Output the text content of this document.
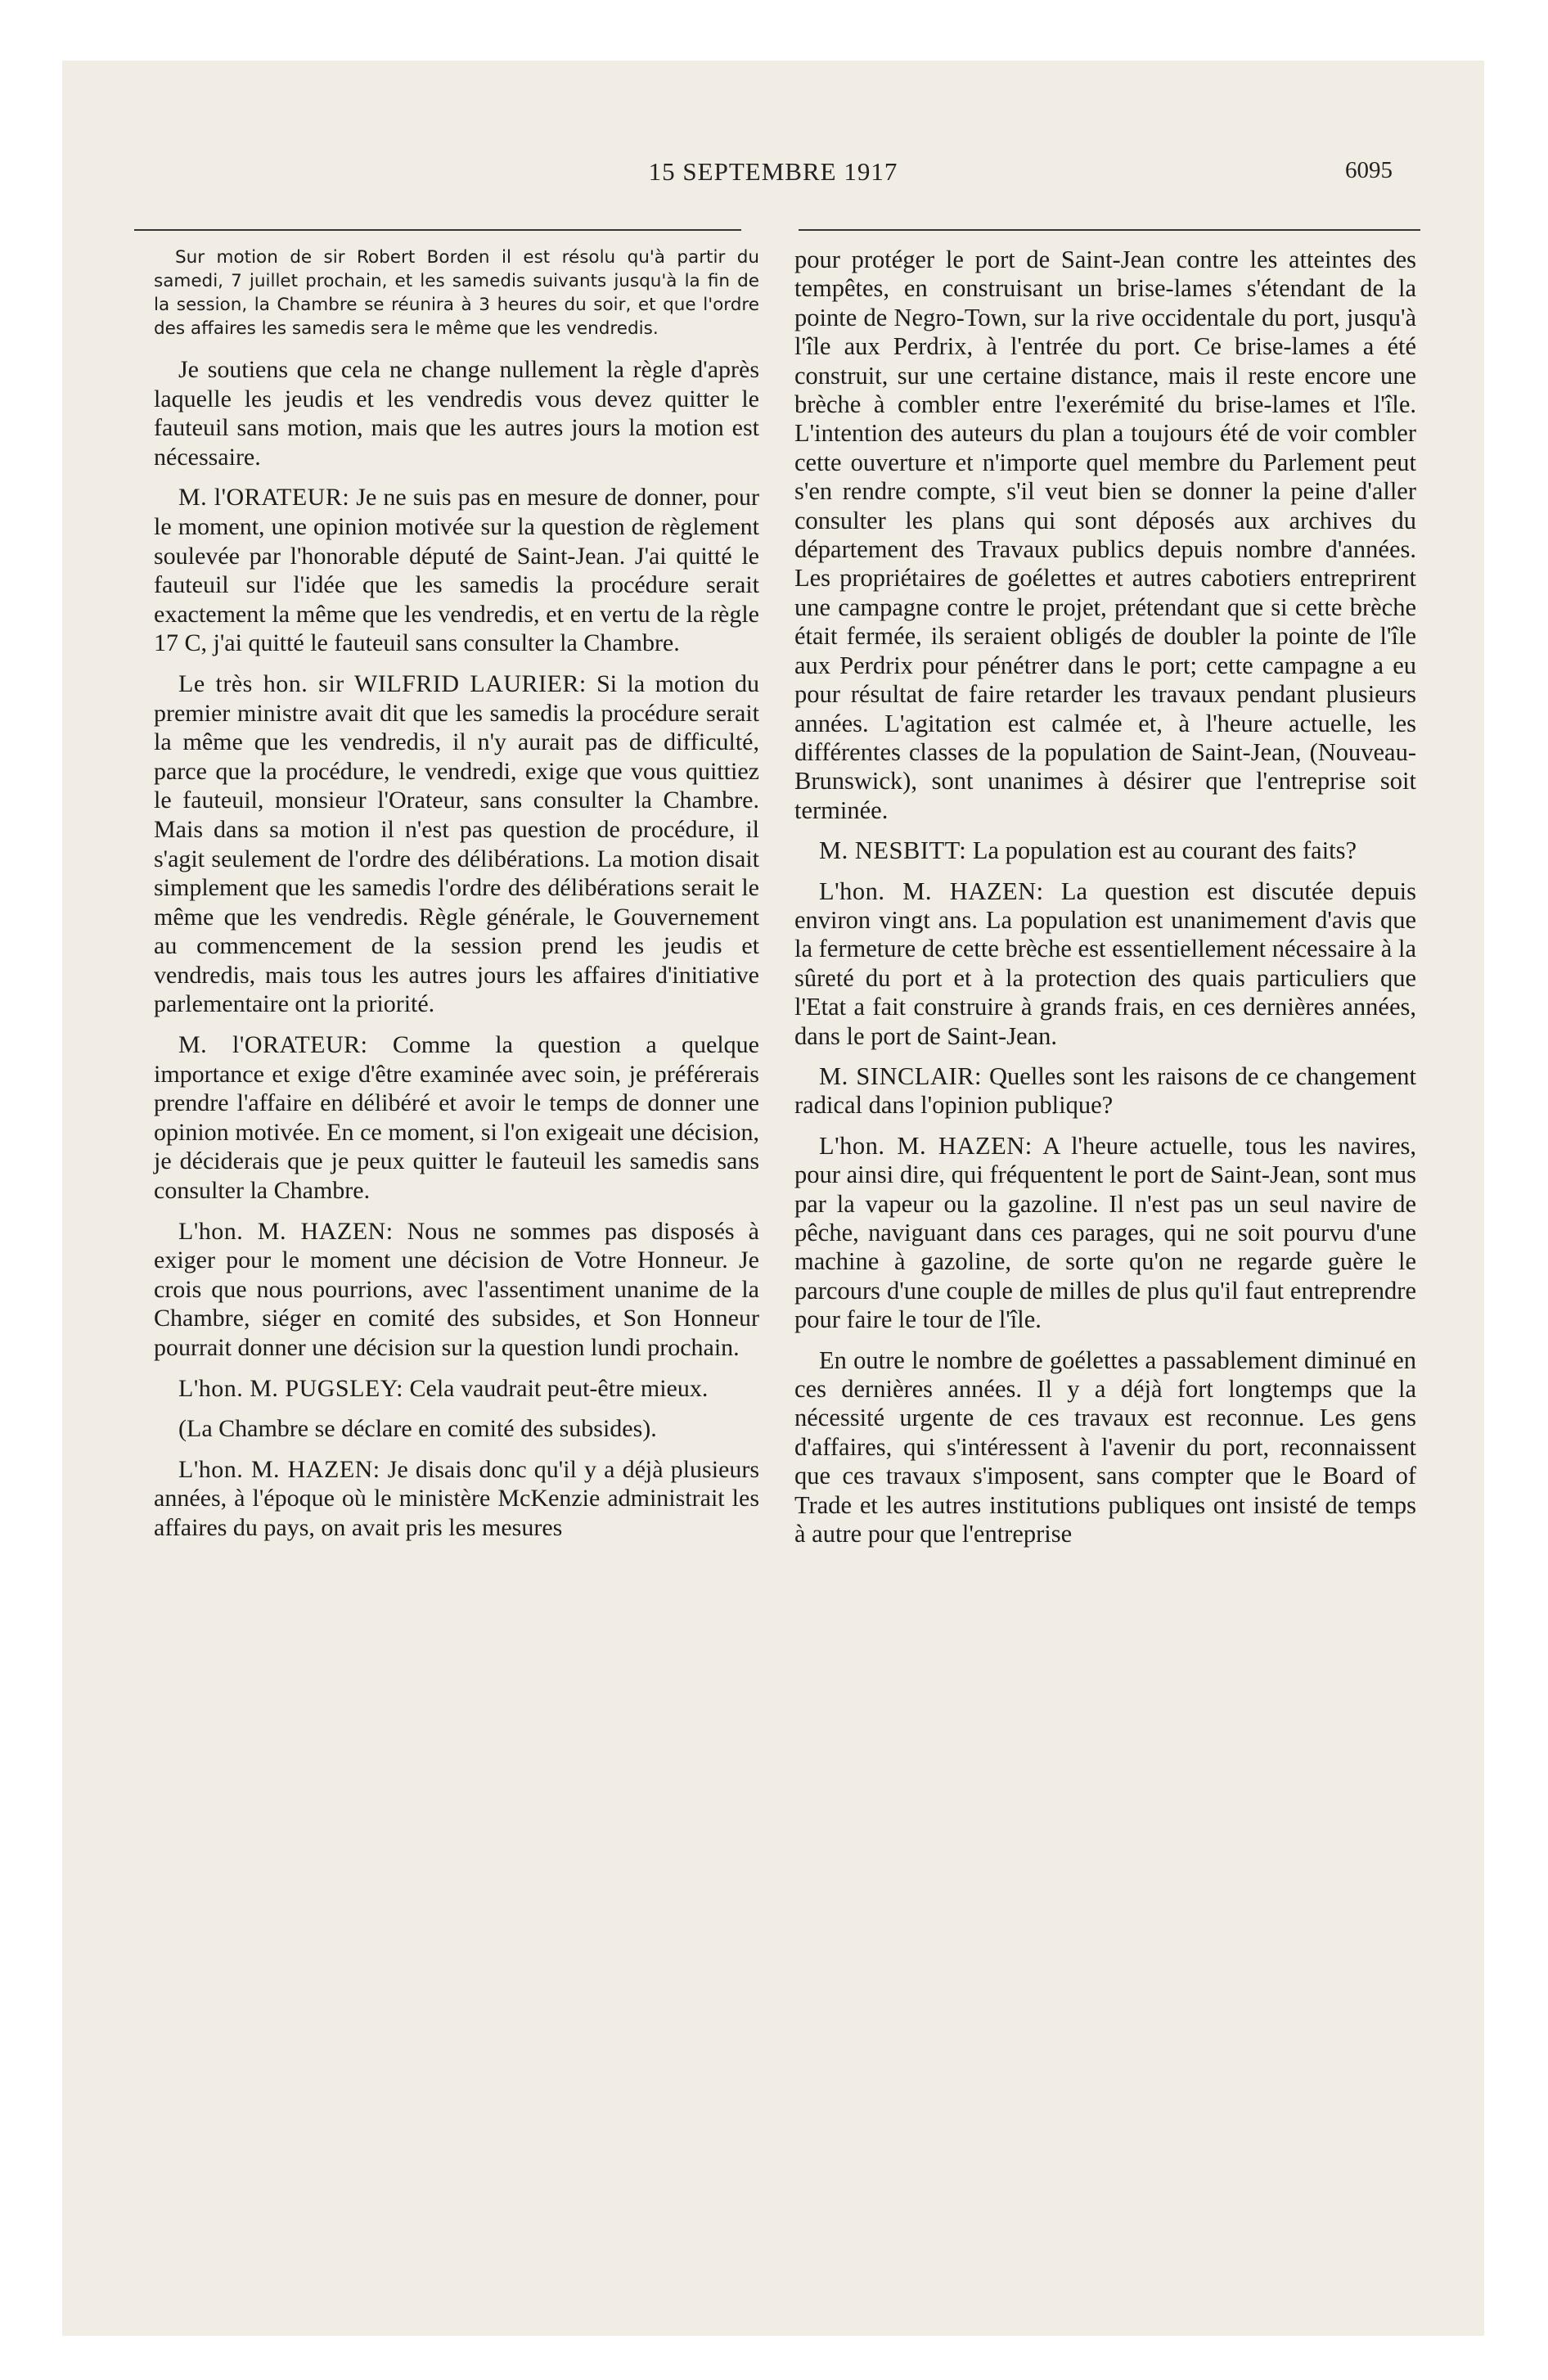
15 SEPTEMBRE 1917	6095

Sur motion de sir Robert Borden il est résolu qu'à partir du samedi, 7 juillet prochain, et les samedis suivants jusqu'à la fin de la session, la Chambre se réunira à 3 heures du soir, et que l'ordre des affaires les samedis sera le même que les vendredis.

Je soutiens que cela ne change nullement la règle d'après laquelle les jeudis et les vendredis vous devez quitter le fauteuil sans motion, mais que les autres jours la motion est nécessaire.

M. l'ORATEUR: Je ne suis pas en mesure de donner, pour le moment, une opinion motivée sur la question de règlement soulevée par l'honorable député de Saint-Jean. J'ai quitté le fauteuil sur l'idée que les samedis la procédure serait exactement la même que les vendredis, et en vertu de la règle 17 C, j'ai quitté le fauteuil sans consulter la Chambre.

Le très hon. sir WILFRID LAURIER: Si la motion du premier ministre avait dit que les samedis la procédure serait la même que les vendredis, il n'y aurait pas de difficulté, parce que la procédure, le vendredi, exige que vous quittiez le fauteuil, monsieur l'Orateur, sans consulter la Chambre. Mais dans sa motion il n'est pas question de procédure, il s'agit seulement de l'ordre des délibérations. La motion disait simplement que les samedis l'ordre des délibérations serait le même que les vendredis. Règle générale, le Gouvernement au commencement de la session prend les jeudis et vendredis, mais tous les autres jours les affaires d'initiative parlementaire ont la priorité.

M. l'ORATEUR: Comme la question a quelque importance et exige d'être examinée avec soin, je préférerais prendre l'affaire en délibéré et avoir le temps de donner une opinion motivée. En ce moment, si l'on exigeait une décision, je déciderais que je peux quitter le fauteuil les samedis sans consulter la Chambre.

L'hon. M. HAZEN: Nous ne sommes pas disposés à exiger pour le moment une décision de Votre Honneur. Je crois que nous pourrions, avec l'assentiment unanime de la Chambre, siéger en comité des subsides, et Son Honneur pourrait donner une décision sur la question lundi prochain.

L'hon. M. PUGSLEY: Cela vaudrait peut-être mieux.

(La Chambre se déclare en comité des subsides).

L'hon. M. HAZEN: Je disais donc qu'il y a déjà plusieurs années, à l'époque où le ministère McKenzie administrait les affaires du pays, on avait pris les mesures

pour protéger le port de Saint-Jean contre les atteintes des tempêtes, en construisant un brise-lames s'étendant de la pointe de Negro-Town, sur la rive occidentale du port, jusqu'à l'île aux Perdrix, à l'entrée du port. Ce brise-lames a été construit, sur une certaine distance, mais il reste encore une brèche à combler entre l'exerémité du brise-lames et l'île. L'intention des auteurs du plan a toujours été de voir combler cette ouverture et n'importe quel membre du Parlement peut s'en rendre compte, s'il veut bien se donner la peine d'aller consulter les plans qui sont déposés aux archives du département des Travaux publics depuis nombre d'années. Les propriétaires de goélettes et autres cabotiers entreprirent une campagne contre le projet, prétendant que si cette brèche était fermée, ils seraient obligés de doubler la pointe de l'île aux Perdrix pour pénétrer dans le port; cette campagne a eu pour résultat de faire retarder les travaux pendant plusieurs années. L'agitation est calmée et, à l'heure actuelle, les différentes classes de la population de Saint-Jean, (Nouveau-Brunswick), sont unanimes à désirer que l'entreprise soit terminée.

M. NESBITT: La population est au courant des faits?

L'hon. M. HAZEN: La question est discutée depuis environ vingt ans. La population est unanimement d'avis que la fermeture de cette brèche est essentiellement nécessaire à la sûreté du port et à la protection des quais particuliers que l'Etat a fait construire à grands frais, en ces dernières années, dans le port de Saint-Jean.

M. SINCLAIR: Quelles sont les raisons de ce changement radical dans l'opinion publique?

L'hon. M. HAZEN: A l'heure actuelle, tous les navires, pour ainsi dire, qui fréquentent le port de Saint-Jean, sont mus par la vapeur ou la gazoline. Il n'est pas un seul navire de pêche, naviguant dans ces parages, qui ne soit pourvu d'une machine à gazoline, de sorte qu'on ne regarde guère le parcours d'une couple de milles de plus qu'il faut entreprendre pour faire le tour de l'île.

En outre le nombre de goélettes a passablement diminué en ces dernières années. Il y a déjà fort longtemps que la nécessité urgente de ces travaux est reconnue. Les gens d'affaires, qui s'intéressent à l'avenir du port, reconnaissent que ces travaux s'imposent, sans compter que le Board of Trade et les autres institutions publiques ont insisté de temps à autre pour que l'entreprise
